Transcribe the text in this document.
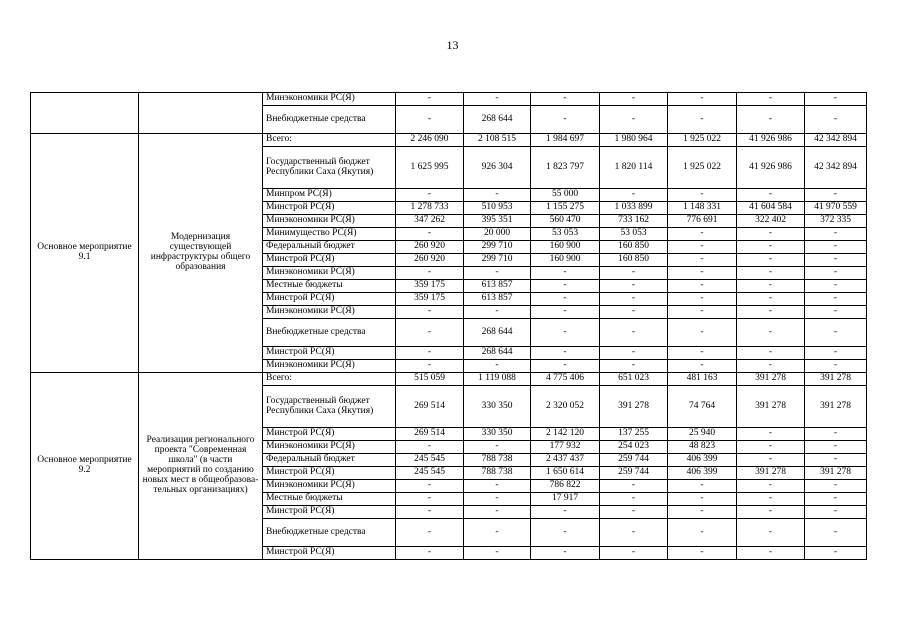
13
		Минэкономики РС(Я)	-	-	-	-	-	-	-
		Внебюджетные средства	-	268 644	-	-	-	-	-
Основное мероприятие 9.1	Модернизация существующей инфраструктуры общего образования	Всего:	2 246 090	2 108 515	1 984 697	1 980 964	1 925 022	41 926 986	42 342 894
		Государственный бюджет Республики Саха (Якутия)	1 625 995	926 304	1 823 797	1 820 114	1 925 022	41 926 986	42 342 894
		Минпром РС(Я)	-	-	55 000	-	-	-	-
		Минстрой РС(Я)	1 278 733	510 953	1 155 275	1 033 899	1 148 331	41 604 584	41 970 559
		Минэкономики РС(Я)	347 262	395 351	560 470	733 162	776 691	322 402	372 335
		Минимущество РС(Я)	-	20 000	53 053	53 053	-	-	-
		Федеральный бюджет	260 920	299 710	160 900	160 850	-	-	-
		Минстрой РС(Я)	260 920	299 710	160 900	160 850	-	-	-
		Минэкономики РС(Я)	-	-	-	-	-	-	-
		Местные бюджеты	359 175	613 857	-	-	-	-	-
		Минстрой РС(Я)	359 175	613 857	-	-	-	-	-
		Минэкономики РС(Я)	-	-	-	-	-	-	-
		Внебюджетные средства	-	268 644	-	-	-	-	-
		Минстрой РС(Я)	-	268 644	-	-	-	-	-
		Минэкономики РС(Я)	-	-	-	-	-	-	-
Основное мероприятие 9.2	Реализация регионального проекта "Современная школа" (в части мероприятий по созданию новых мест в общеобразова-тельных организациях)	Всего:	515 059	1 119 088	4 775 406	651 023	481 163	391 278	391 278
		Государственный бюджет Республики Саха (Якутия)	269 514	330 350	2 320 052	391 278	74 764	391 278	391 278
		Минстрой РС(Я)	269 514	330 350	2 142 120	137 255	25 940	-	-
		Минэкономики РС(Я)	-	-	177 932	254 023	48 823	-	-
		Федеральный бюджет	245 545	788 738	2 437 437	259 744	406 399	-	-
		Минстрой РС(Я)	245 545	788 738	1 650 614	259 744	406 399	391 278	391 278
		Минэкономики РС(Я)	-	-	786 822	-	-	-	-
		Местные бюджеты	-	-	17 917	-	-	-	-
		Минстрой РС(Я)	-	-	-	-	-	-	-
		Внебюджетные средства	-	-	-	-	-	-	-
		Минстрой РС(Я)	-	-	-	-	-	-	-
